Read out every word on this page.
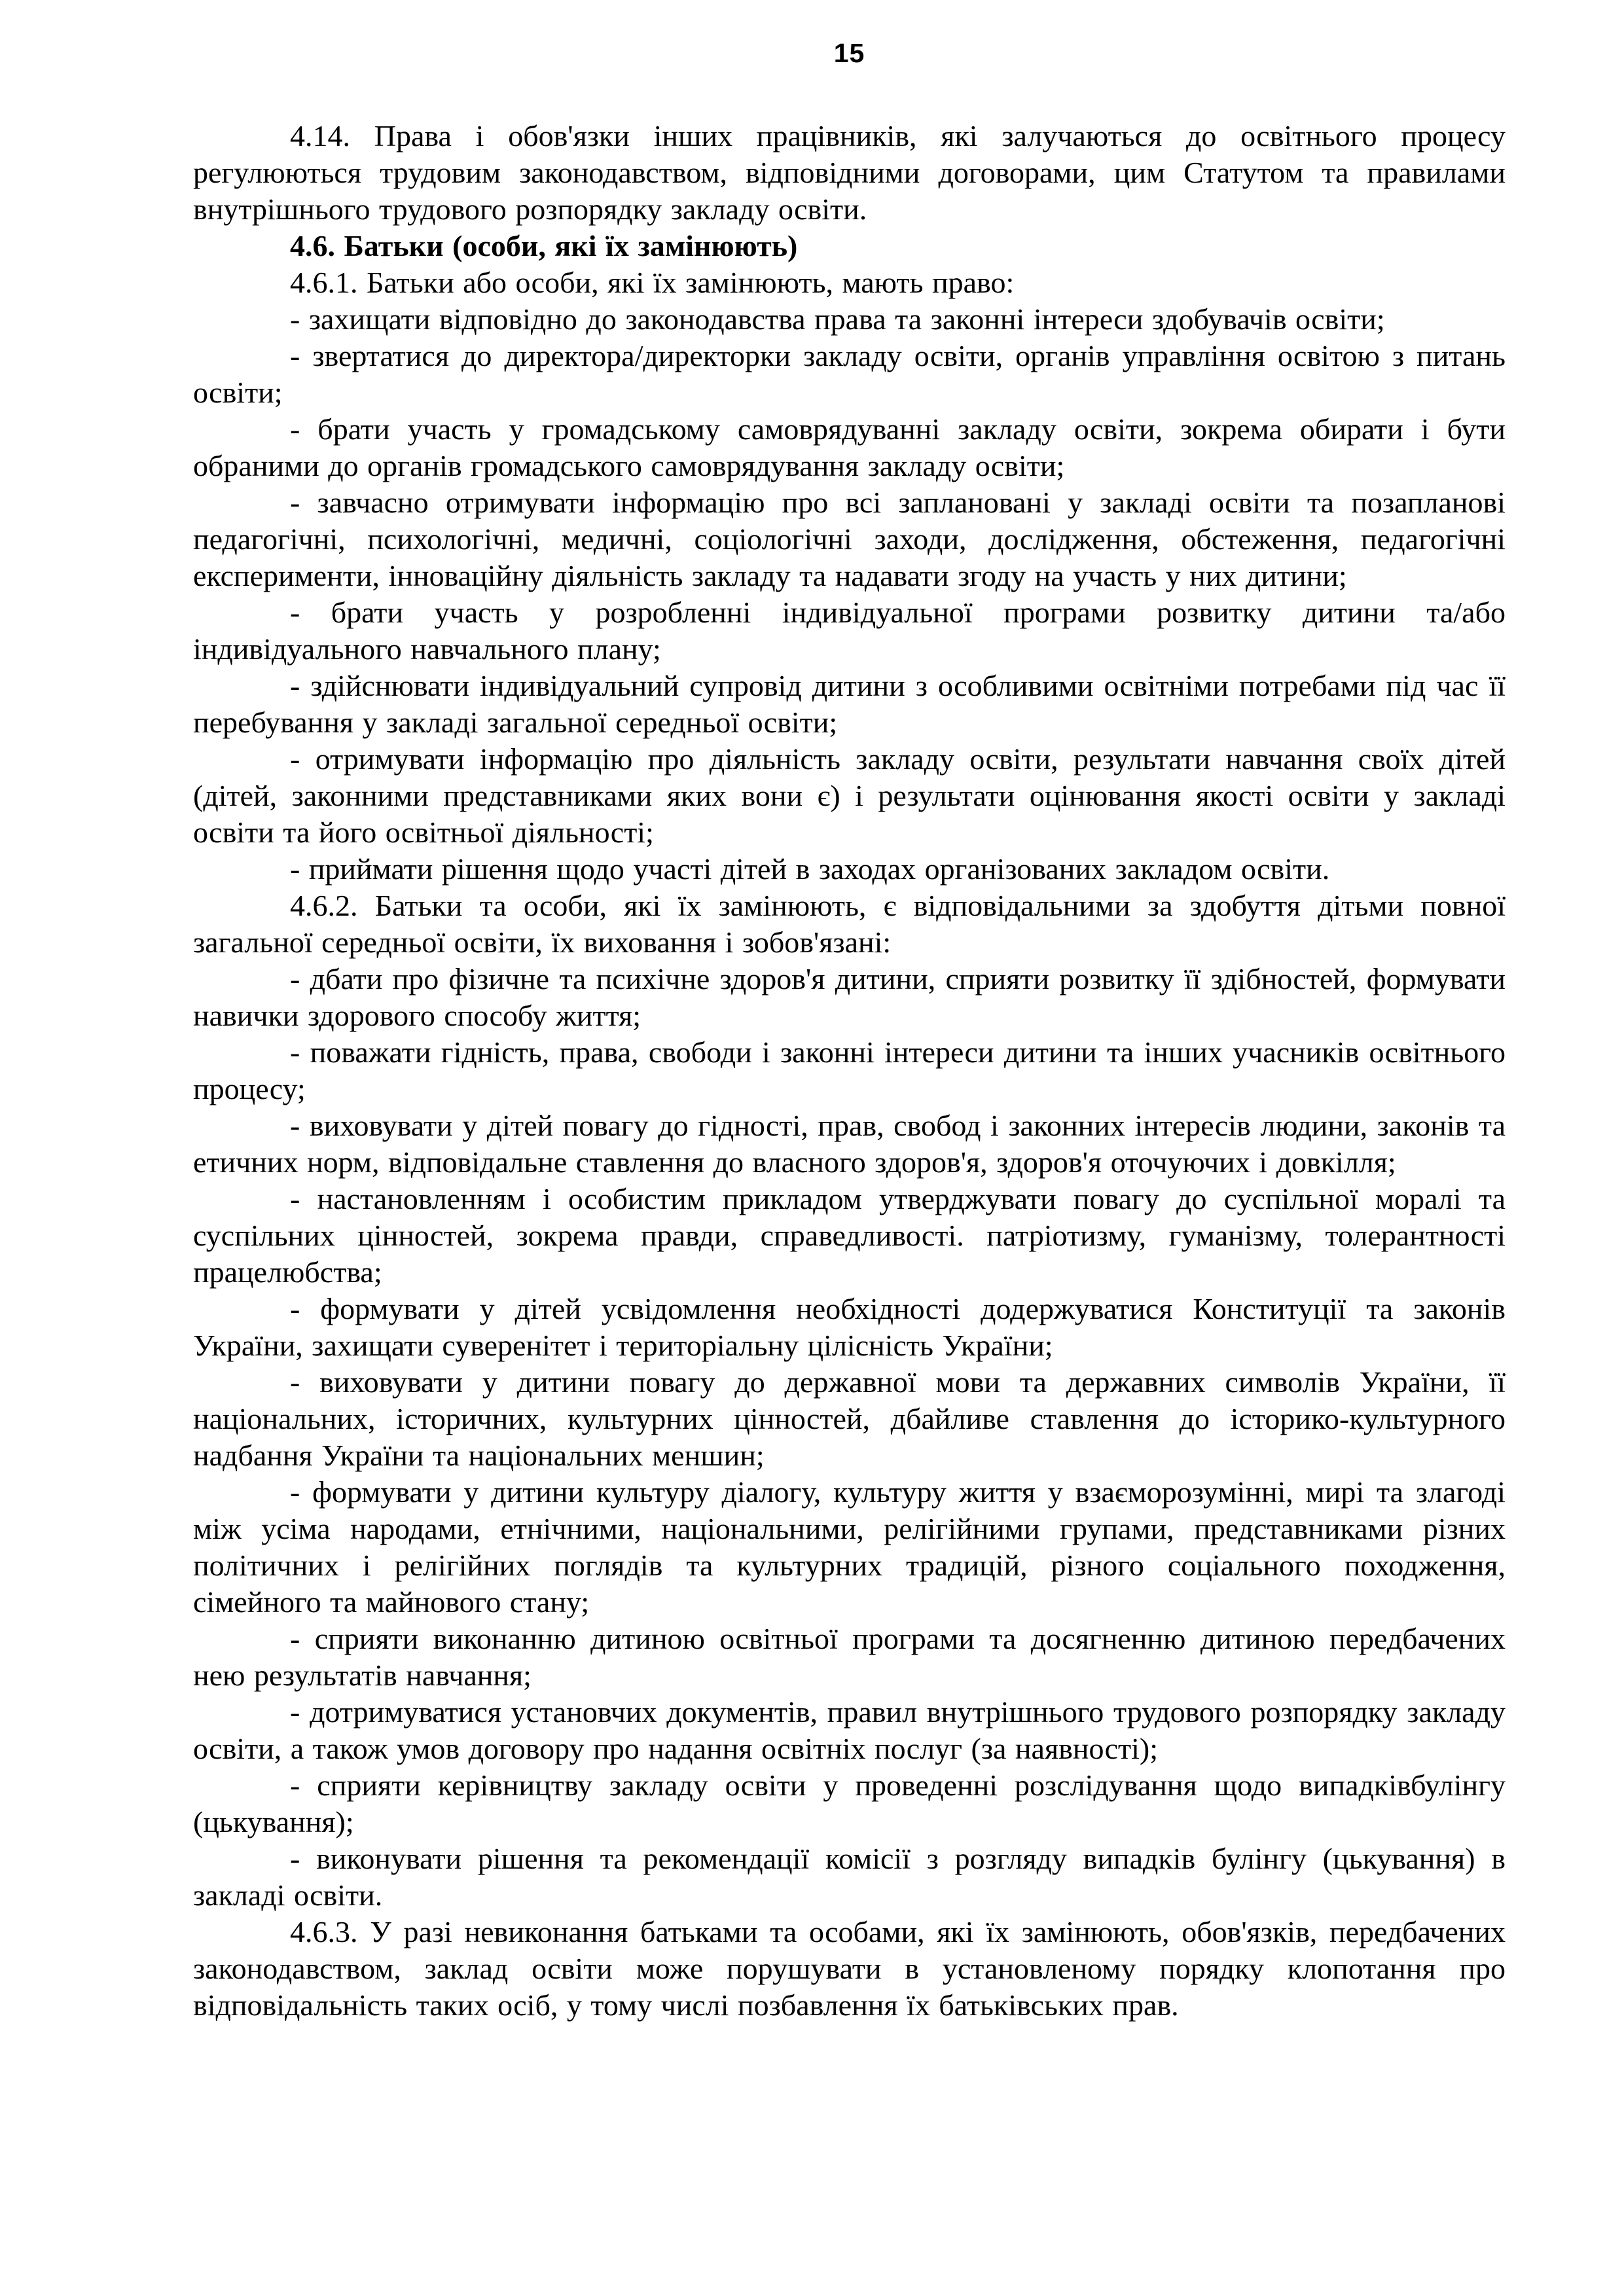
15

4.14. Права і обов'язки інших працівників, які залучаються до освітнього процесу регулюються трудовим законодавством, відповідними договорами, цим Статутом та правилами внутрішнього трудового розпорядку закладу освіти.

4.6. Батьки (особи, які їх замінюють)

4.6.1. Батьки або особи, які їх замінюють, мають право:

- захищати відповідно до законодавства права та законні інтереси здобувачів освіти;

- звертатися до директора/директорки закладу освіти, органів управління освітою з питань освіти;

- брати участь у громадському самоврядуванні закладу освіти, зокрема обирати і бути обраними до органів громадського самоврядування закладу освіти;

- завчасно отримувати інформацію про всі заплановані у закладі освіти та позапланові педагогічні, психологічні, медичні, соціологічні заходи, дослідження, обстеження, педагогічні експерименти, інноваційну діяльність закладу та надавати згоду на участь у них дитини;

- брати участь у розробленні індивідуальної програми розвитку дитини та/або індивідуального навчального плану;

- здійснювати індивідуальний супровід дитини з особливими освітніми потребами під час її перебування у закладі загальної середньої освіти;

- отримувати інформацію про діяльність закладу освіти, результати навчання своїх дітей (дітей, законними представниками яких вони є) і результати оцінювання якості освіти у закладі освіти та його освітньої діяльності;

- приймати рішення щодо участі дітей в заходах організованих закладом освіти.

4.6.2. Батьки та особи, які їх замінюють, є відповідальними за здобуття дітьми повної загальної середньої освіти, їх виховання і зобов'язані:

- дбати про фізичне та психічне здоров'я дитини, сприяти розвитку її здібностей, формувати навички здорового способу життя;

- поважати гідність, права, свободи і законні інтереси дитини та інших учасників освітнього процесу;

- виховувати у дітей повагу до гідності, прав, свобод і законних інтересів людини, законів та етичних норм, відповідальне ставлення до власного здоров'я, здоров'я оточуючих і довкілля;

- настановленням і особистим прикладом утверджувати повагу до суспільної моралі та суспільних цінностей, зокрема правди, справедливості. патріотизму, гуманізму, толерантності працелюбства;

- формувати у дітей усвідомлення необхідності додержуватися Конституції та законів України, захищати суверенітет і територіальну цілісність України;

- виховувати у дитини повагу до державної мови та державних символів України, її національних, історичних, культурних цінностей, дбайливе ставлення до історико-культурного надбання України та національних меншин;

- формувати у дитини культуру діалогу, культуру життя у взаєморозумінні, мирі та злагоді між усіма народами, етнічними, національними, релігійними групами, представниками різних політичних і релігійних поглядів та культурних традицій, різного соціального походження, сімейного та майнового стану;

- сприяти виконанню дитиною освітньої програми та досягненню дитиною передбачених нею результатів навчання;

- дотримуватися установчих документів, правил внутрішнього трудового розпорядку закладу освіти, а також умов договору про надання освітніх послуг (за наявності);

- сприяти керівництву закладу освіти у проведенні розслідування щодо випадківбулінгу (цькування);

- виконувати рішення та рекомендації комісії з розгляду випадків булінгу (цькування) в закладі освіти.

4.6.3. У разі невиконання батьками та особами, які їх замінюють, обов'язків, передбачених законодавством, заклад освіти може порушувати в установленому порядку клопотання про відповідальність таких осіб, у тому числі позбавлення їх батьківських прав.
